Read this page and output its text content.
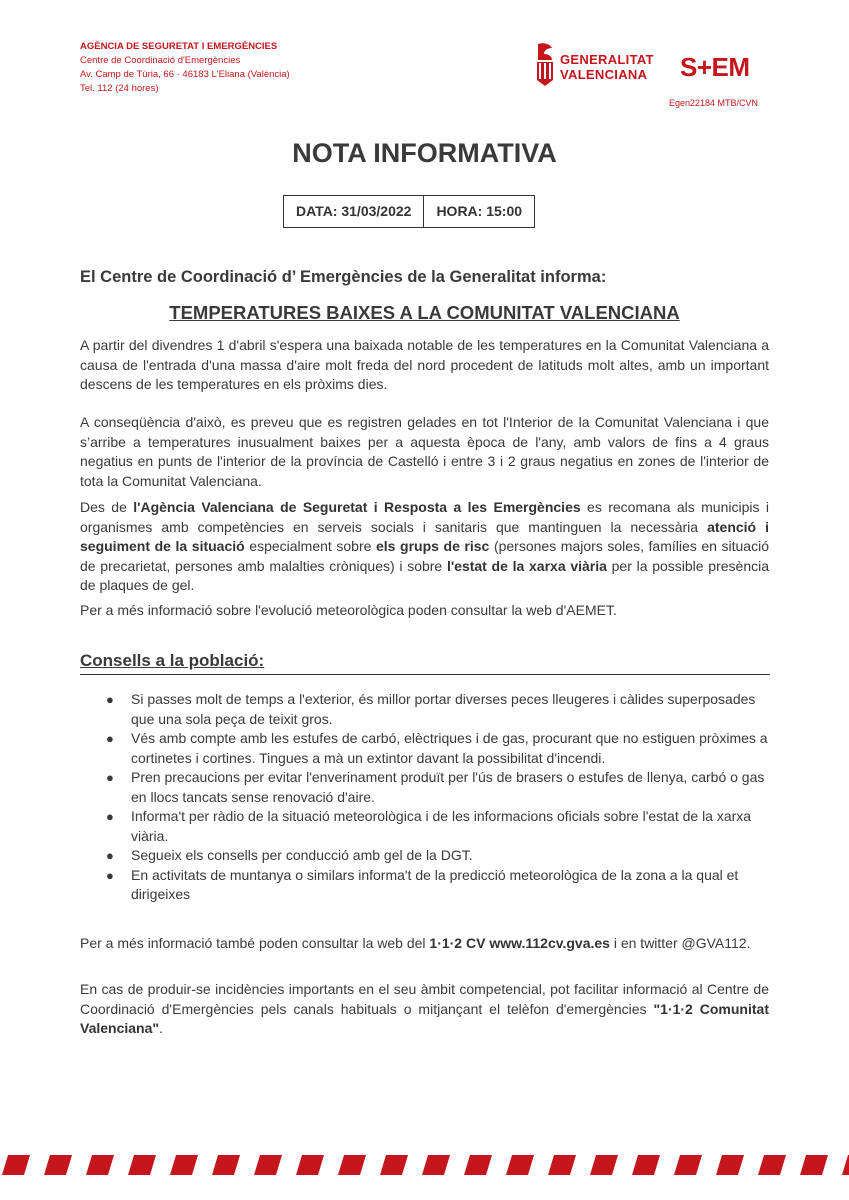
AGÈNCIA DE SEGURETAT I EMERGÈNCIES
Centre de Coordinació d'Emergències
Av. Camp de Túria, 66 · 46183 L'Eliana (València)
Tel. 112 (24 hores)
GENERALITAT
VALENCIANA S+EM
Egen22184 MTB/CVN
NOTA INFORMATIVA
DATA: 31/03/2022	HORA: 15:00
El Centre de Coordinació d’ Emergències de la Generalitat informa:
TEMPERATURES BAIXES A LA COMUNITAT VALENCIANA
A partir del divendres 1 d'abril s'espera una baixada notable de les temperatures en la Comunitat Valenciana a causa de l'entrada d'una massa d'aire molt freda del nord procedent de latituds molt altes, amb un important descens de les temperatures en els pròxims dies.
A conseqüència d'això, es preveu que es registren gelades en tot l'Interior de la Comunitat Valenciana i que s’arribe a temperatures inusualment baixes per a aquesta època de l'any, amb valors de fins a 4 graus negatius en punts de l'interior de la província de Castelló i entre 3 i 2 graus negatius en zones de l'interior de tota la Comunitat Valenciana.
Des de l'Agència Valenciana de Seguretat i Resposta a les Emergències es recomana als municipis i organismes amb competències en serveis socials i sanitaris que mantinguen la necessària atenció i seguiment de la situació especialment sobre els grups de risc (persones majors soles, famílies en situació de precarietat, persones amb malalties cròniques) i sobre l'estat de la xarxa viària per la possible presència de plaques de gel.
Per a més informació sobre l'evolució meteorològica poden consultar la web d'AEMET.
Consells a la població:
● Si passes molt de temps a l'exterior, és millor portar diverses peces lleugeres i càlides superposades que una sola peça de teixit gros.
● Vés amb compte amb les estufes de carbó, elèctriques i de gas, procurant que no estiguen pròximes a cortinetes i cortines. Tingues a mà un extintor davant la possibilitat d'incendi.
● Pren precaucions per evitar l'enverinament produït per l'ús de brasers o estufes de llenya, carbó o gas en llocs tancats sense renovació d'aire.
● Informa't per ràdio de la situació meteorològica i de les informacions oficials sobre l'estat de la xarxa viària.
● Segueix els consells per conducció amb gel de la DGT.
● En activitats de muntanya o similars informa't de la predicció meteorològica de la zona a la qual et dirigeixes
Per a més informació també poden consultar la web del 1·1·2 CV www.112cv.gva.es i en twitter @GVA112.
En cas de produir-se incidències importants en el seu àmbit competencial, pot facilitar informació al Centre de Coordinació d'Emergències pels canals habituals o mitjançant el telèfon d'emergències "1·1·2 Comunitat Valenciana".
